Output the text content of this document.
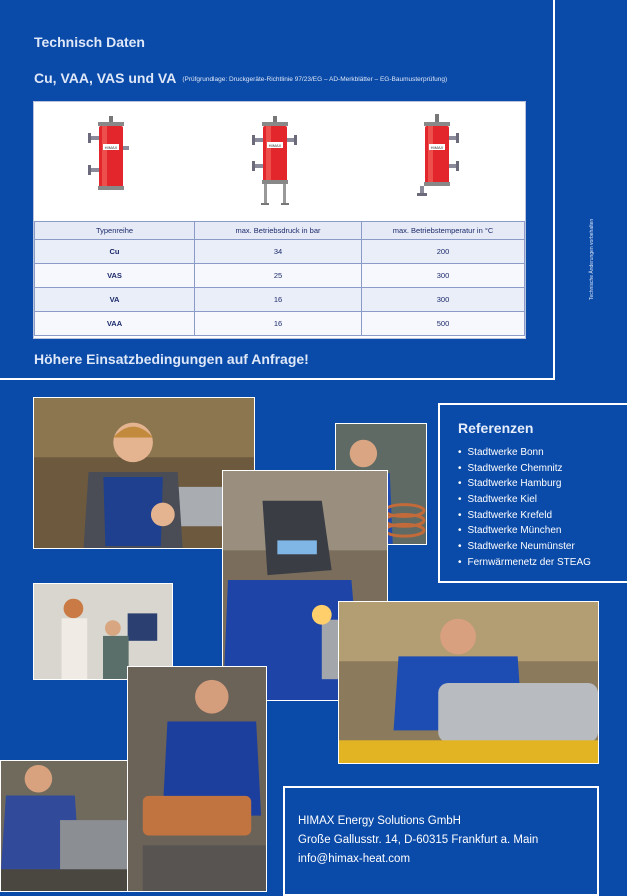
Technisch Daten
Cu, VAA, VAS und VA (Prüfgrundlage: Druckgeräte-Richtlinie 97/23/EG – AD-Merkblätter – EG-Baumusterprüfung)
HIMAX	HIMAX	HIMAX
Typenreihe	max. Betriebsdruck in bar	max. Betriebstemperatur in °C
Cu	34	200
VAS	25	300
VA	16	300
VAA	16	500
Höhere Einsatzbedingungen auf Anfrage!
Technische Änderungen vorbehalten
Referenzen
• Stadtwerke Bonn
• Stadtwerke Chemnitz
• Stadtwerke Hamburg
• Stadtwerke Kiel
• Stadtwerke Krefeld
• Stadtwerke München
• Stadtwerke Neumünster
• Fernwärmenetz der STEAG
HIMAX Energy Solutions GmbH
Große Gallusstr. 14, D-60315 Frankfurt a. Main
info@himax-heat.com
